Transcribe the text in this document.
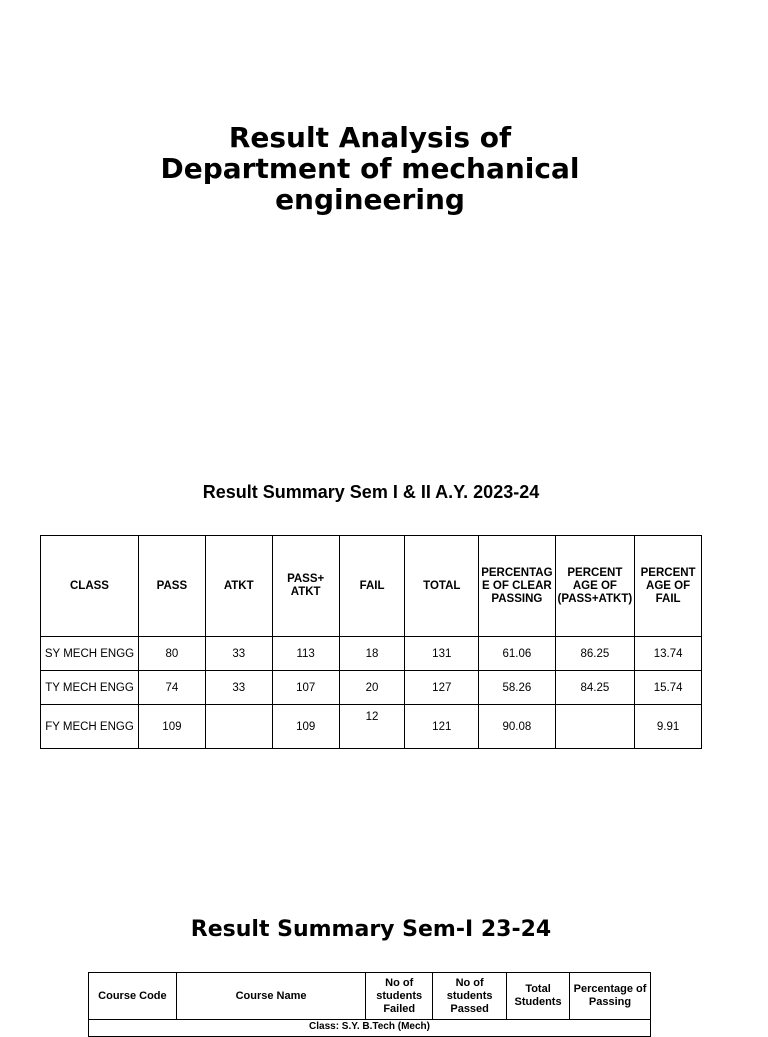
Result Analysis of
Department of mechanical
engineering
Result Summary Sem I & II A.Y. 2023-24
CLASS	PASS	ATKT	PASS+ ATKT	FAIL	TOTAL	PERCENTAG E OF CLEAR PASSING	PERCENT AGE OF (PASS+ATKT)	PERCENT AGE OF FAIL
SY MECH ENGG	80	33	113	18	131	61.06	86.25	13.74
TY MECH ENGG	74	33	107	20	127	58.26	84.25	15.74
FY MECH ENGG	109		109	12	121	90.08		9.91
Result Summary Sem-I 23-24
Course Code	Course Name	No of students Failed	No of students Passed	Total Students	Percentage of Passing
Class: S.Y. B.Tech (Mech)
